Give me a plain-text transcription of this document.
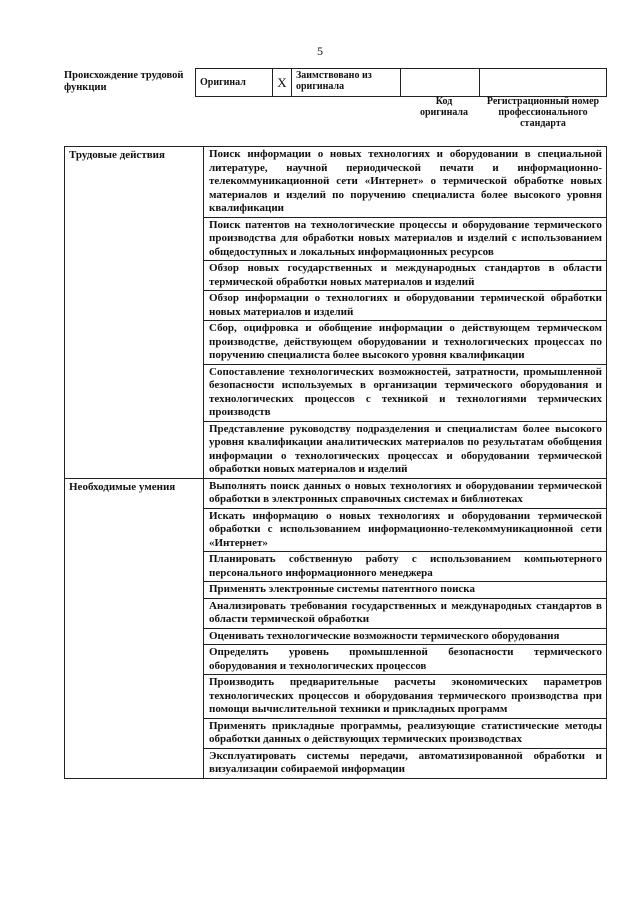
5
Происхождение трудовой функции	Оригинал	X	Заимствовано из оригинала		
Код оригинала
Регистрационный номер профессионального стандарта
Трудовые действия	Поиск информации о новых технологиях и оборудовании в специальной литературе, научной периодической печати и информационно-телекоммуникационной сети «Интернет» о термической обработке новых материалов и изделий по поручению специалиста более высокого уровня квалификации
	Поиск патентов на технологические процессы и оборудование термического производства для обработки новых материалов и изделий с использованием общедоступных и локальных информационных ресурсов
	Обзор новых государственных и международных стандартов в области термической обработки новых материалов и изделий
	Обзор информации о технологиях и оборудовании термической обработки новых материалов и изделий
	Сбор, оцифровка и обобщение информации о действующем термическом производстве, действующем оборудовании и технологических процессах по поручению специалиста более высокого уровня квалификации
	Сопоставление технологических возможностей, затратности, промышленной безопасности используемых в организации термического оборудования и технологических процессов с техникой и технологиями термических производств
	Представление руководству подразделения и специалистам более высокого уровня квалификации аналитических материалов по результатам обобщения информации о технологических процессах и оборудовании термической обработки новых материалов и изделий
Необходимые умения	Выполнять поиск данных о новых технологиях и оборудовании термической обработки в электронных справочных системах и библиотеках
	Искать информацию о новых технологиях и оборудовании термической обработки с использованием информационно-телекоммуникационной сети «Интернет»
	Планировать собственную работу с использованием компьютерного персонального информационного менеджера
	Применять электронные системы патентного поиска
	Анализировать требования государственных и международных стандартов в области термической обработки
	Оценивать технологические возможности термического оборудования
	Определять уровень промышленной безопасности термического оборудования и технологических процессов
	Производить предварительные расчеты экономических параметров технологических процессов и оборудования термического производства при помощи вычислительной техники и прикладных программ
	Применять прикладные программы, реализующие статистические методы обработки данных о действующих термических производствах
	Эксплуатировать системы передачи, автоматизированной обработки и визуализации собираемой информации
